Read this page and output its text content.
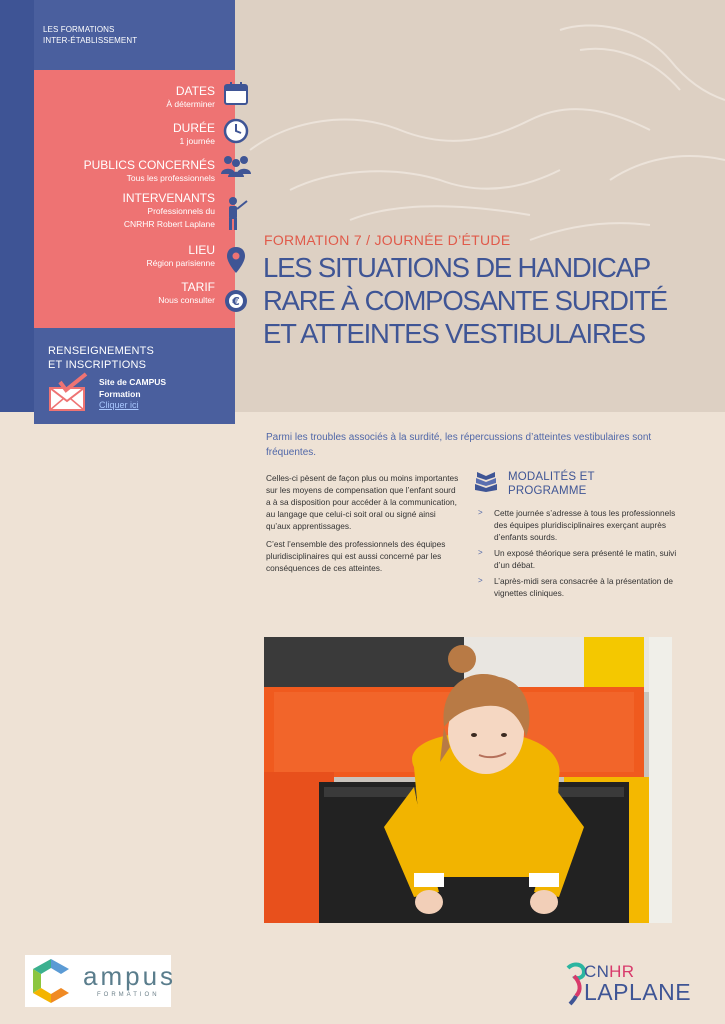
LES FORMATIONS
INTER-ÉTABLISSEMENT
DATES
À déterminer
DURÉE
1 journée
PUBLICS CONCERNÉS
Tous les professionnels
INTERVENANTS
Professionnels du
CNRHR Robert Laplane
LIEU
Région parisienne
TARIF
Nous consulter €
RENSEIGNEMENTS
ET INSCRIPTIONS
Site de CAMPUS
Formation
Cliquer ici
FORMATION 7 / JOURNÉE D’ÉTUDE
LES SITUATIONS DE HANDICAP
RARE À COMPOSANTE SURDITÉ
ET ATTEINTES VESTIBULAIRES
Parmi les troubles associés à la surdité, les répercussions d’atteintes vestibulaires sont fréquentes.

Celles-ci pèsent de façon plus ou moins importantes sur les moyens de compensation que l’enfant sourd a à sa disposition pour accéder à la communication, au langage que celui-ci soit oral ou signé ainsi qu’aux apprentissages.

C’est l’ensemble des professionnels des équipes pluridisciplinaires qui est aussi concerné par les conséquences de ces atteintes.

MODALITÉS ET
PROGRAMME
> Cette journée s’adresse à tous les professionnels des équipes pluridisciplinaires exerçant auprès d’enfants sourds.
> Un exposé théorique sera présenté le matin, suivi d’un débat.
> L’après-midi sera consacrée à la présentation de vignettes cliniques.
ampus
FORMATION
CNHR
LAPLANE
